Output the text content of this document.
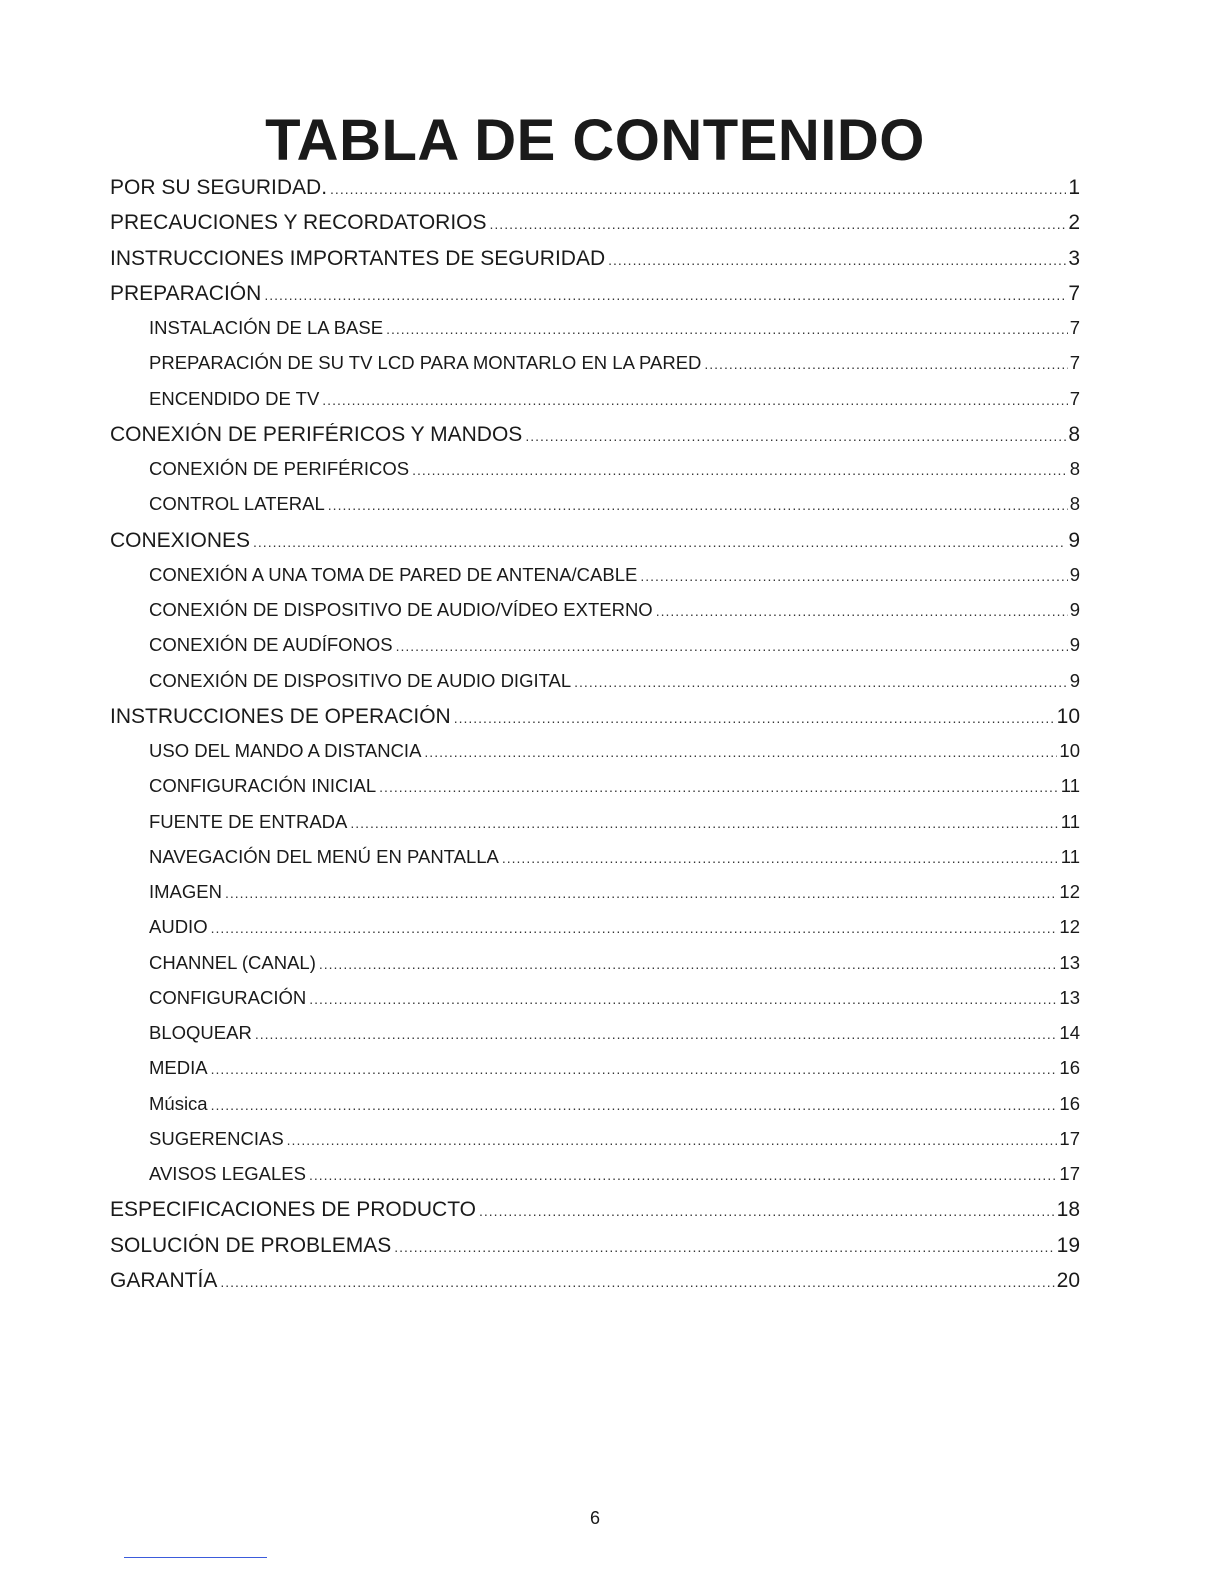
TABLA DE CONTENIDO
POR SU SEGURIDAD. .....	1
PRECAUCIONES Y RECORDATORIOS .....	2
INSTRUCCIONES IMPORTANTES DE SEGURIDAD .....	3
PREPARACIÓN .....	7
INSTALACIÓN DE LA BASE .....	7
PREPARACIÓN DE SU TV LCD PARA MONTARLO EN LA PARED .....	7
ENCENDIDO DE TV .....	7
CONEXIÓN DE PERIFÉRICOS Y MANDOS .....	8
CONEXIÓN DE PERIFÉRICOS .....	8
CONTROL LATERAL .....	8
CONEXIONES .....	9
CONEXIÓN A UNA TOMA DE PARED DE ANTENA/CABLE .....	9
CONEXIÓN DE DISPOSITIVO DE AUDIO/VÍDEO EXTERNO .....	9
CONEXIÓN DE AUDÍFONOS .....	9
CONEXIÓN DE DISPOSITIVO DE AUDIO DIGITAL .....	9
INSTRUCCIONES DE OPERACIÓN .....	10
USO DEL MANDO A DISTANCIA .....	10
CONFIGURACIÓN INICIAL .....	11
FUENTE DE ENTRADA .....	11
NAVEGACIÓN DEL MENÚ EN PANTALLA .....	11
IMAGEN .....	12
AUDIO .....	12
CHANNEL (CANAL) .....	13
CONFIGURACIÓN .....	13
BLOQUEAR .....	14
MEDIA .....	16
Música .....	16
SUGERENCIAS .....	17
AVISOS LEGALES .....	17
ESPECIFICACIONES DE PRODUCTO .....	18
SOLUCIÓN DE PROBLEMAS .....	19
GARANTÍA .....	20
6
